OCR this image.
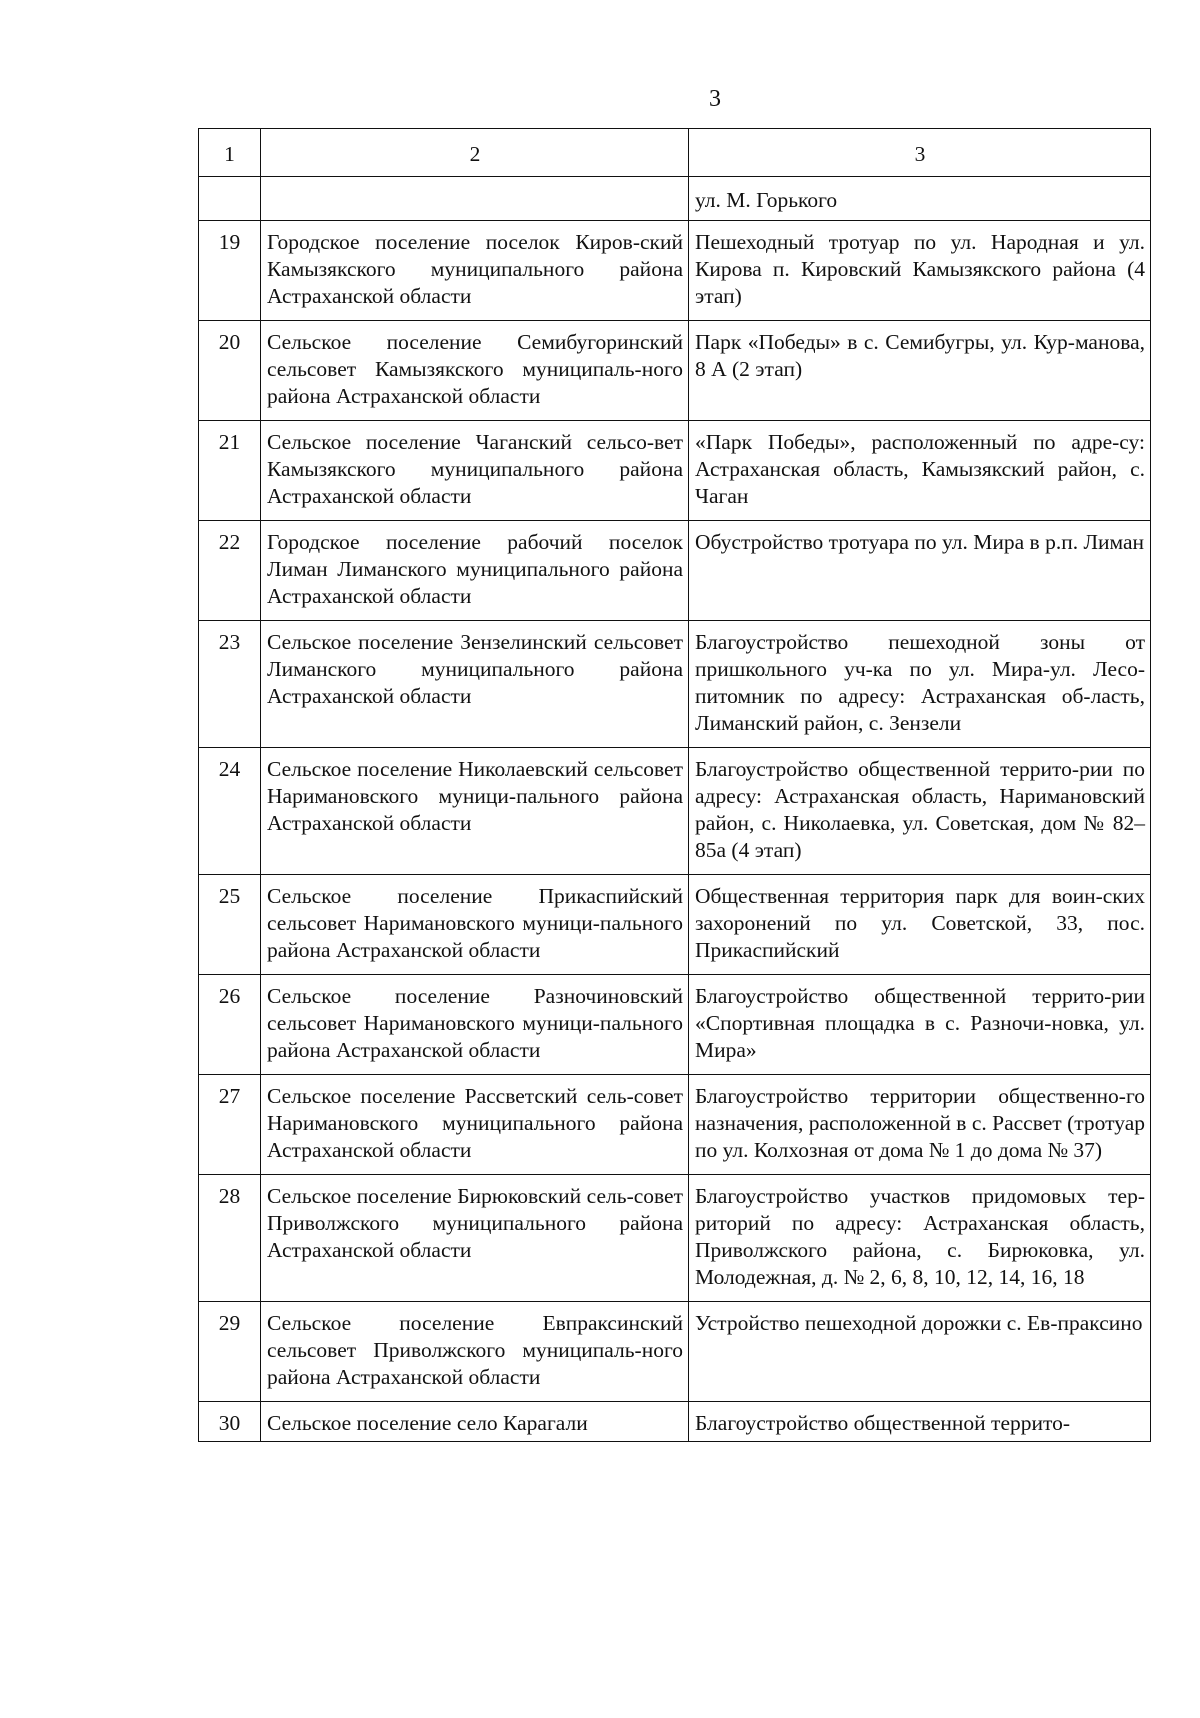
3
1	2	3
		ул. М. Горького
19	Городское поселение поселок Киров-ский Камызякского муниципального района Астраханской области	Пешеходный тротуар по ул. Народная и ул. Кирова п. Кировский Камызякского района (4 этап)
20	Сельское поселение Семибугоринский сельсовет Камызякского муниципаль-ного района Астраханской области	Парк «Победы» в с. Семибугры, ул. Кур-манова, 8 А (2 этап)
21	Сельское поселение Чаганский сельсо-вет Камызякского муниципального района Астраханской области	«Парк Победы», расположенный по адре-су: Астраханская область, Камызякский район, с. Чаган
22	Городское поселение рабочий поселок Лиман Лиманского муниципального района Астраханской области	Обустройство тротуара по ул. Мира в р.п. Лиман
23	Сельское поселение Зензелинский сельсовет Лиманского муниципального района Астраханской области	Благоустройство пешеходной зоны от пришкольного уч-ка по ул. Мира-ул. Лесо-питомник по адресу: Астраханская об-ласть, Лиманский район, с. Зензели
24	Сельское поселение Николаевский сельсовет Наримановского муници-пального района Астраханской области	Благоустройство общественной террито-рии по адресу: Астраханская область, Наримановский район, с. Николаевка, ул. Советская, дом № 82–85а (4 этап)
25	Сельское поселение Прикаспийский сельсовет Наримановского муници-пального района Астраханской области	Общественная территория парк для воин-ских захоронений по ул. Советской, 33, пос. Прикаспийский
26	Сельское поселение Разночиновский сельсовет Наримановского муници-пального района Астраханской области	Благоустройство общественной террито-рии «Спортивная площадка в с. Разночи-новка, ул. Мира»
27	Сельское поселение Рассветский сель-совет Наримановского муниципального района Астраханской области	Благоустройство территории общественно-го назначения, расположенной в с. Рассвет (тротуар по ул. Колхозная от дома № 1 до дома № 37)
28	Сельское поселение Бирюковский сель-совет Приволжского муниципального района Астраханской области	Благоустройство участков придомовых тер-риторий по адресу: Астраханская область, Приволжского района, с. Бирюковка, ул. Молодежная, д. № 2, 6, 8, 10, 12, 14, 16, 18
29	Сельское поселение Евпраксинский сельсовет Приволжского муниципаль-ного района Астраханской области	Устройство пешеходной дорожки с. Ев-праксино
30	Сельское поселение село Карагали	Благоустройство общественной террито-
